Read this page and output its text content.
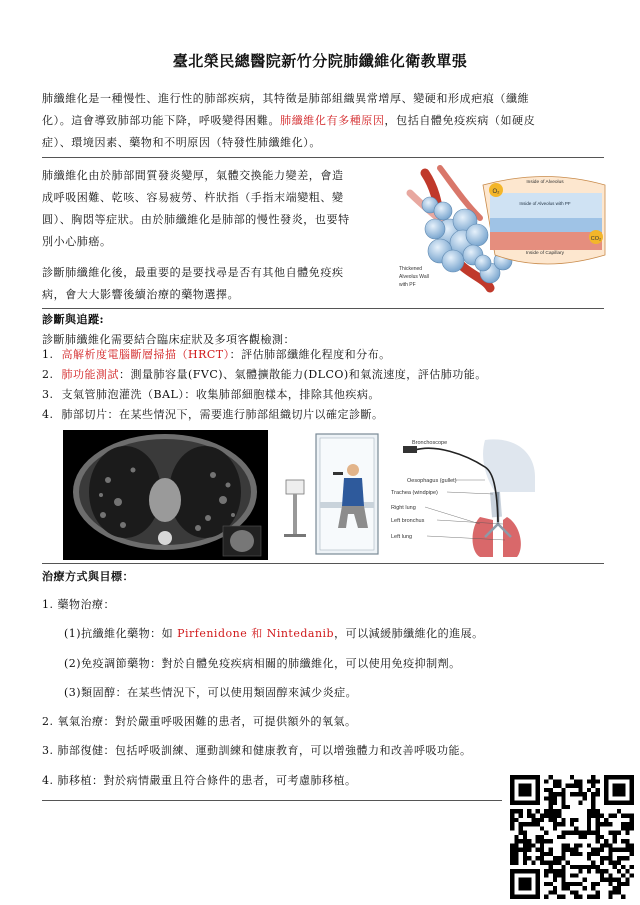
臺北榮民總醫院新竹分院肺纖維化衛教單張
肺纖維化是一種慢性、進行性的肺部疾病，其特徵是肺部組織異常增厚、變硬和形成疤痕（纖維
化）。這會導致肺部功能下降，呼吸變得困難。肺纖維化有多種原因，包括自體免疫疾病（如硬皮
症）、環境因素、藥物和不明原因（特發性肺纖維化）。
肺纖維化由於肺部間質發炎變厚，氣體交換能力變差，會造
成呼吸困難、乾咳、容易疲勞、杵狀指（手指末端變粗、變
圓）、胸悶等症狀。由於肺纖維化是肺部的慢性發炎，也要特
別小心肺癌。
診斷肺纖維化後，最重要的是要找尋是否有其他自體免疫疾
病，會大大影響後續治療的藥物選擇。
O₂
CO₂
Inside of Alveolus
Inside of Alveolus with PF
Inside of Capillary
Thickened
Alveolus Wall
with PF
診斷與追蹤:
診斷肺纖維化需要結合臨床症狀及多項客觀檢測：
1. 高解析度電腦斷層掃描（HRCT）：評估肺部纖維化程度和分布。
2. 肺功能測試：測量肺容量(FVC)、氣體擴散能力(DLCO)和氣流速度，評估肺功能。
3. 支氣管肺泡灌洗（BAL）：收集肺部細胞樣本，排除其他疾病。
4. 肺部切片：在某些情況下，需要進行肺部組織切片以確定診斷。
Bronchoscope
Oesophagus (gullet)
Trachea (windpipe)
Right lung
Left bronchus
Left lung
治療方式與目標：
1. 藥物治療：
(1)抗纖維化藥物：如 Pirfenidone 和 Nintedanib，可以減緩肺纖維化的進展。
(2)免疫調節藥物：對於自體免疫疾病相關的肺纖維化，可以使用免疫抑制劑。
(3)類固醇：在某些情況下，可以使用類固醇來減少炎症。
2. 氧氣治療：對於嚴重呼吸困難的患者，可提供額外的氧氣。
3. 肺部復健：包括呼吸訓練、運動訓練和健康教育，可以增強體力和改善呼吸功能。
4. 肺移植：對於病情嚴重且符合條件的患者，可考慮肺移植。
